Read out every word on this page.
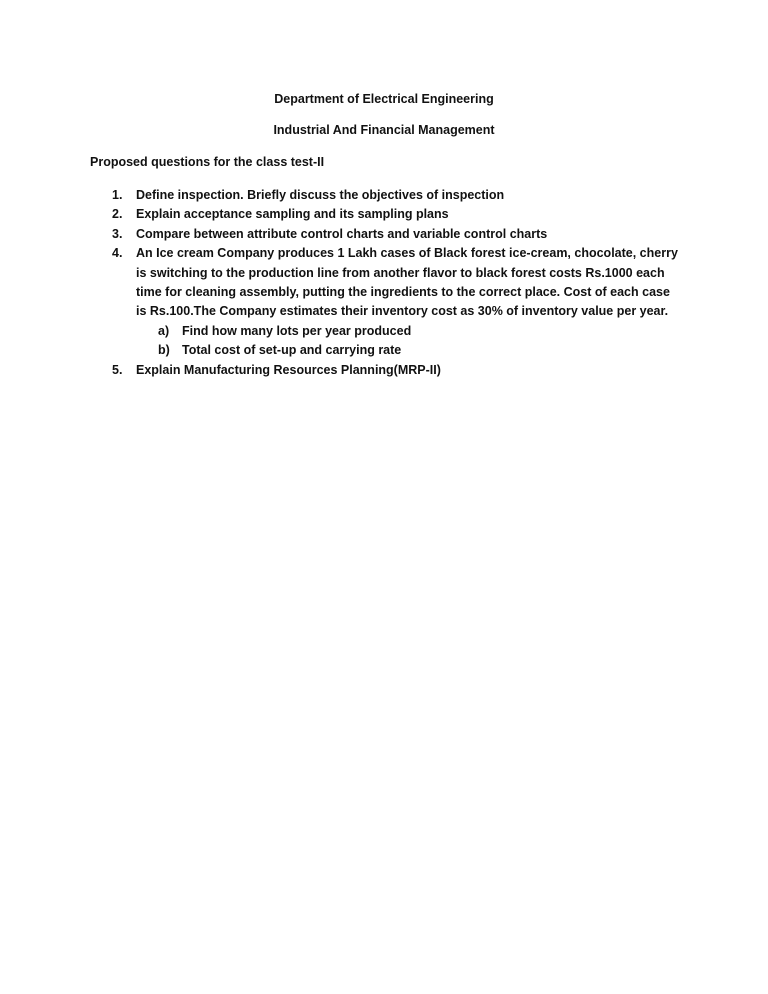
Department of Electrical Engineering
Industrial And Financial Management
Proposed questions for the class test-II
1. Define inspection. Briefly discuss the objectives of inspection
2. Explain acceptance sampling and its sampling plans
3. Compare between attribute control charts and variable control charts
4. An Ice cream Company produces 1 Lakh cases of Black forest ice-cream, chocolate, cherry is switching to the production line from another flavor to black forest costs Rs.1000 each time for cleaning assembly, putting the ingredients to the correct place. Cost of each case is Rs.100.The Company estimates their inventory cost as 30% of inventory value per year.
a) Find how many lots per year produced
b) Total cost of set-up and carrying rate
5. Explain Manufacturing Resources Planning(MRP-II)
